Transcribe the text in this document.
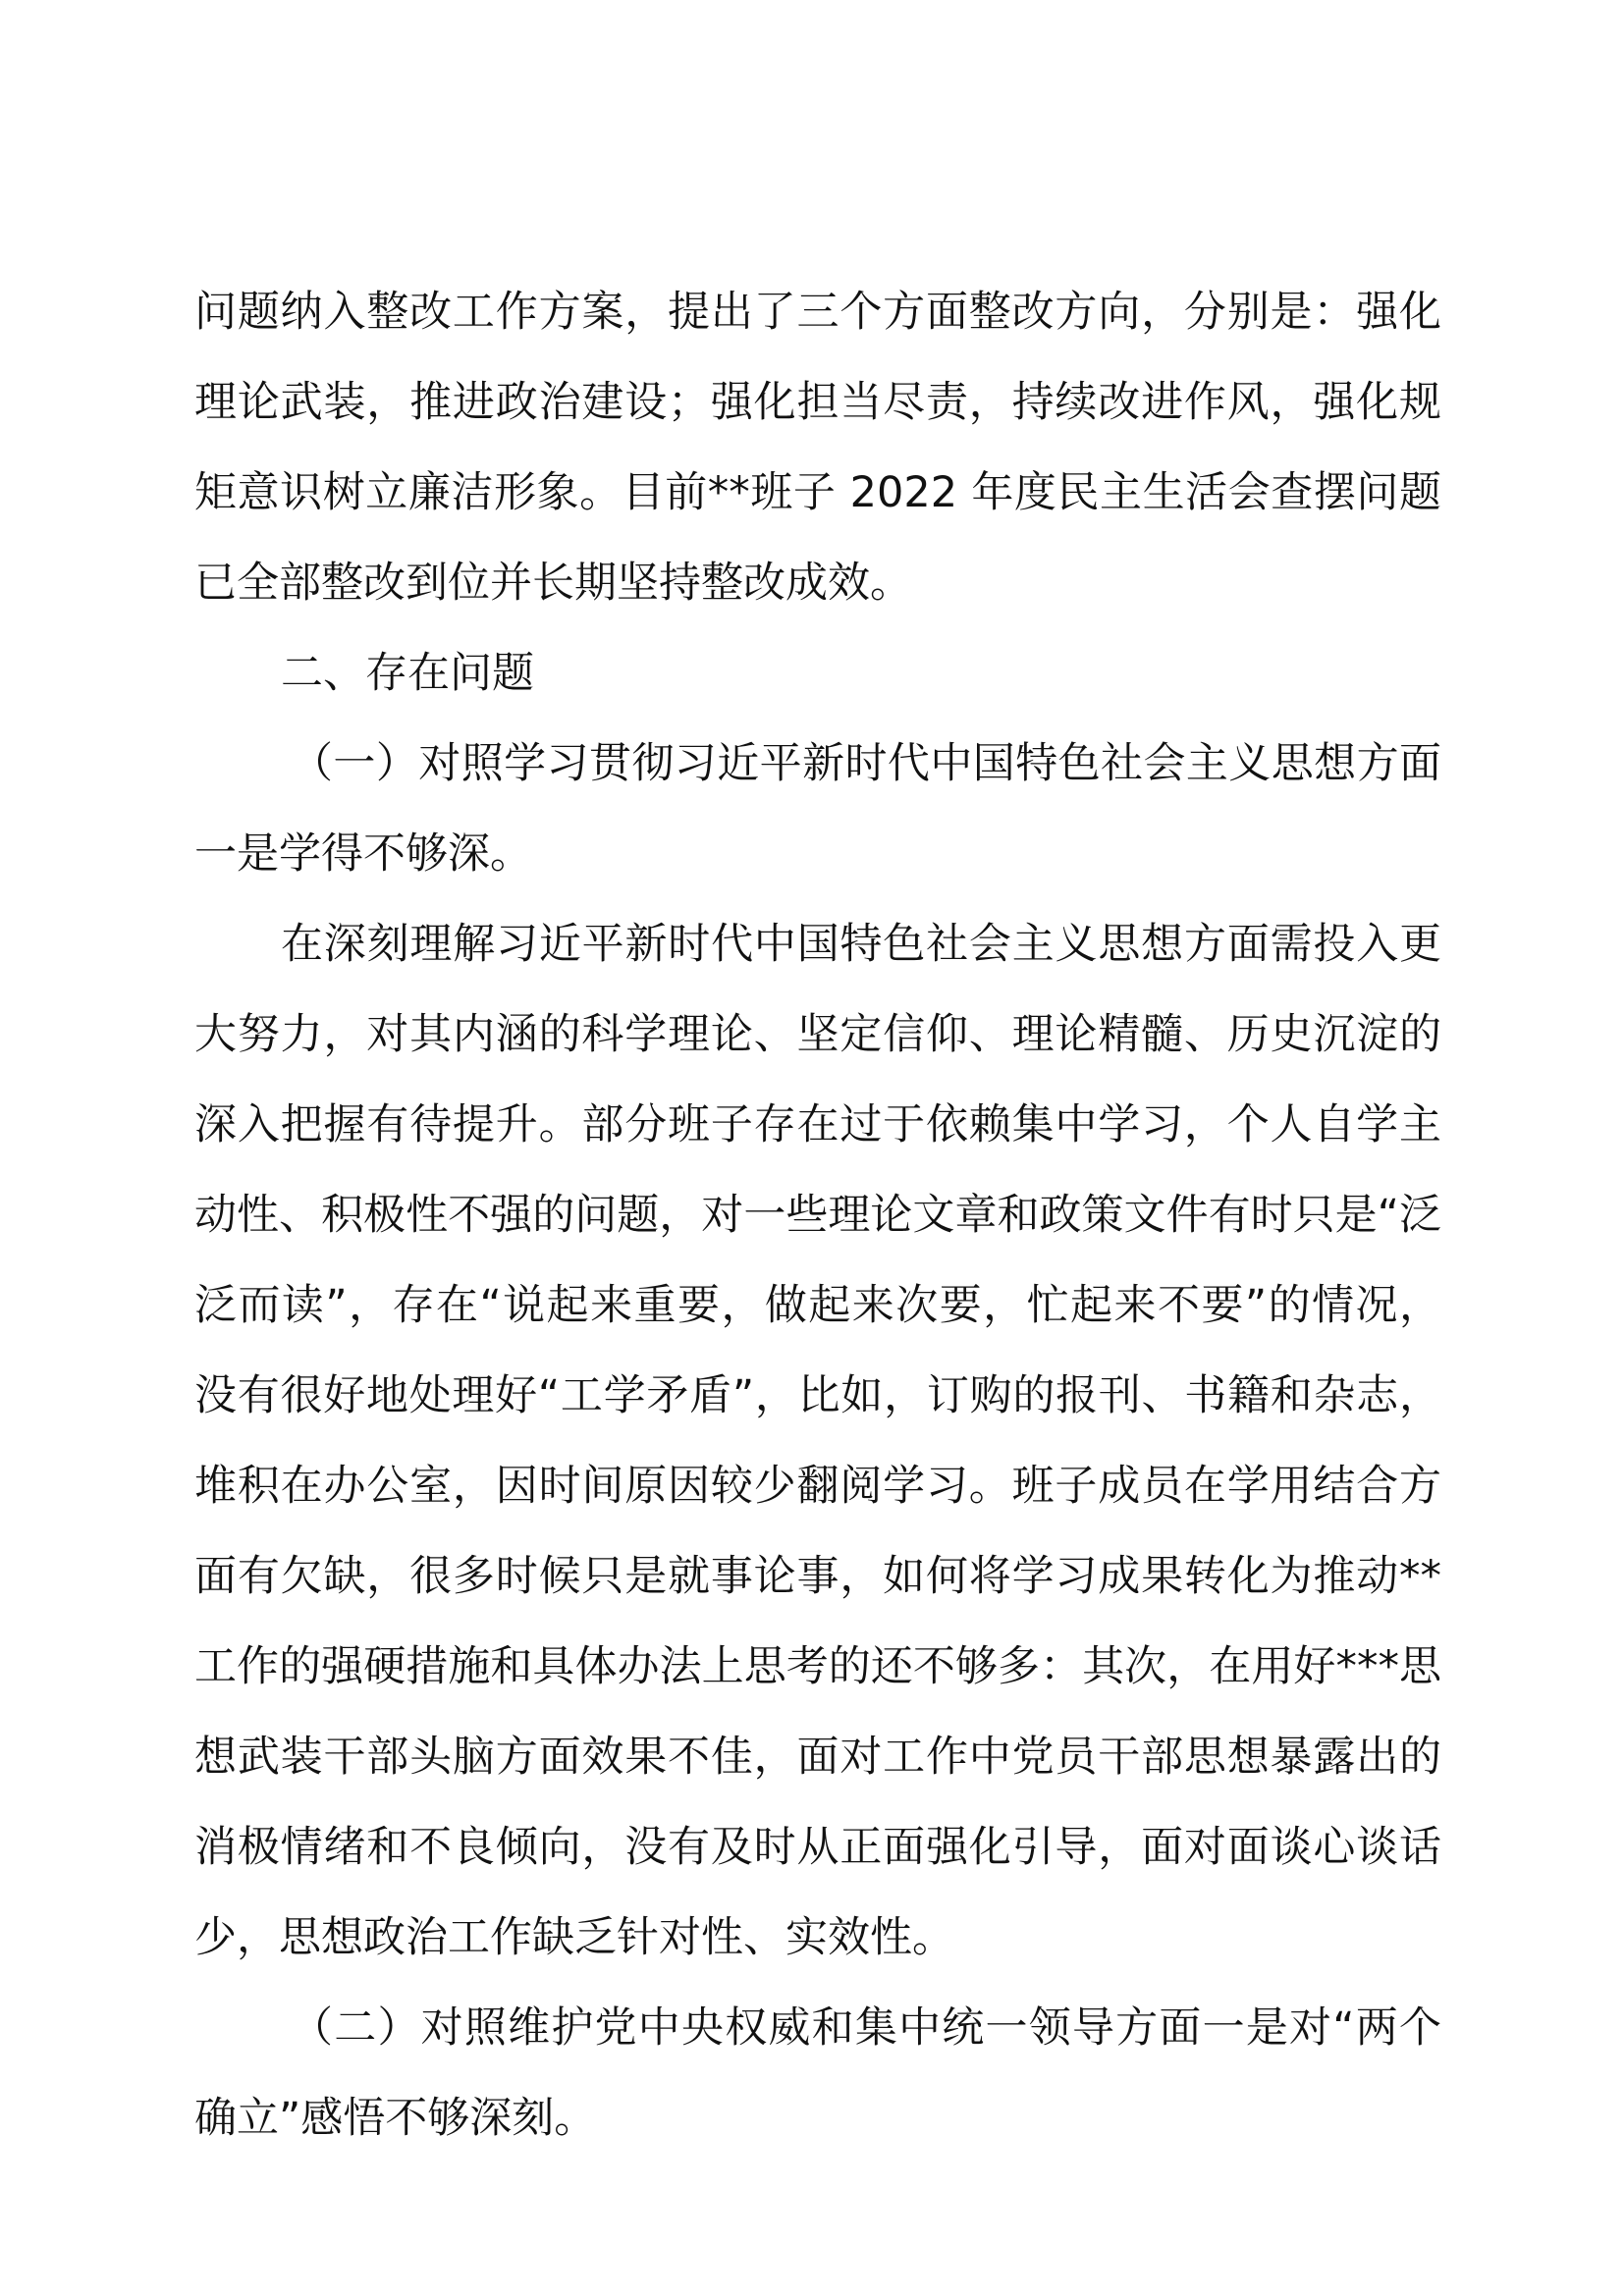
问题纳入整改工作方案，提出了三个方面整改方向，分别是：强化理论武装，推进政治建设；强化担当尽责，持续改进作风，强化规矩意识树立廉洁形象。目前**班子 2022 年度民主生活会查摆问题已全部整改到位并长期坚持整改成效。

二、存在问题

（一）对照学习贯彻习近平新时代中国特色社会主义思想方面一是学得不够深。

在深刻理解习近平新时代中国特色社会主义思想方面需投入更大努力，对其内涵的科学理论、坚定信仰、理论精髓、历史沉淀的深入把握有待提升。部分班子存在过于依赖集中学习，个人自学主动性、积极性不强的问题，对一些理论文章和政策文件有时只是“泛泛而读”，存在“说起来重要，做起来次要，忙起来不要”的情况，没有很好地处理好“工学矛盾”，比如，订购的报刊、书籍和杂志，堆积在办公室，因时间原因较少翻阅学习。班子成员在学用结合方面有欠缺，很多时候只是就事论事，如何将学习成果转化为推动**工作的强硬措施和具体办法上思考的还不够多：其次，在用好***思想武装干部头脑方面效果不佳，面对工作中党员干部思想暴露出的消极情绪和不良倾向，没有及时从正面强化引导，面对面谈心谈话少，思想政治工作缺乏针对性、实效性。

（二）对照维护党中央权威和集中统一领导方面一是对“两个确立”感悟不够深刻。
